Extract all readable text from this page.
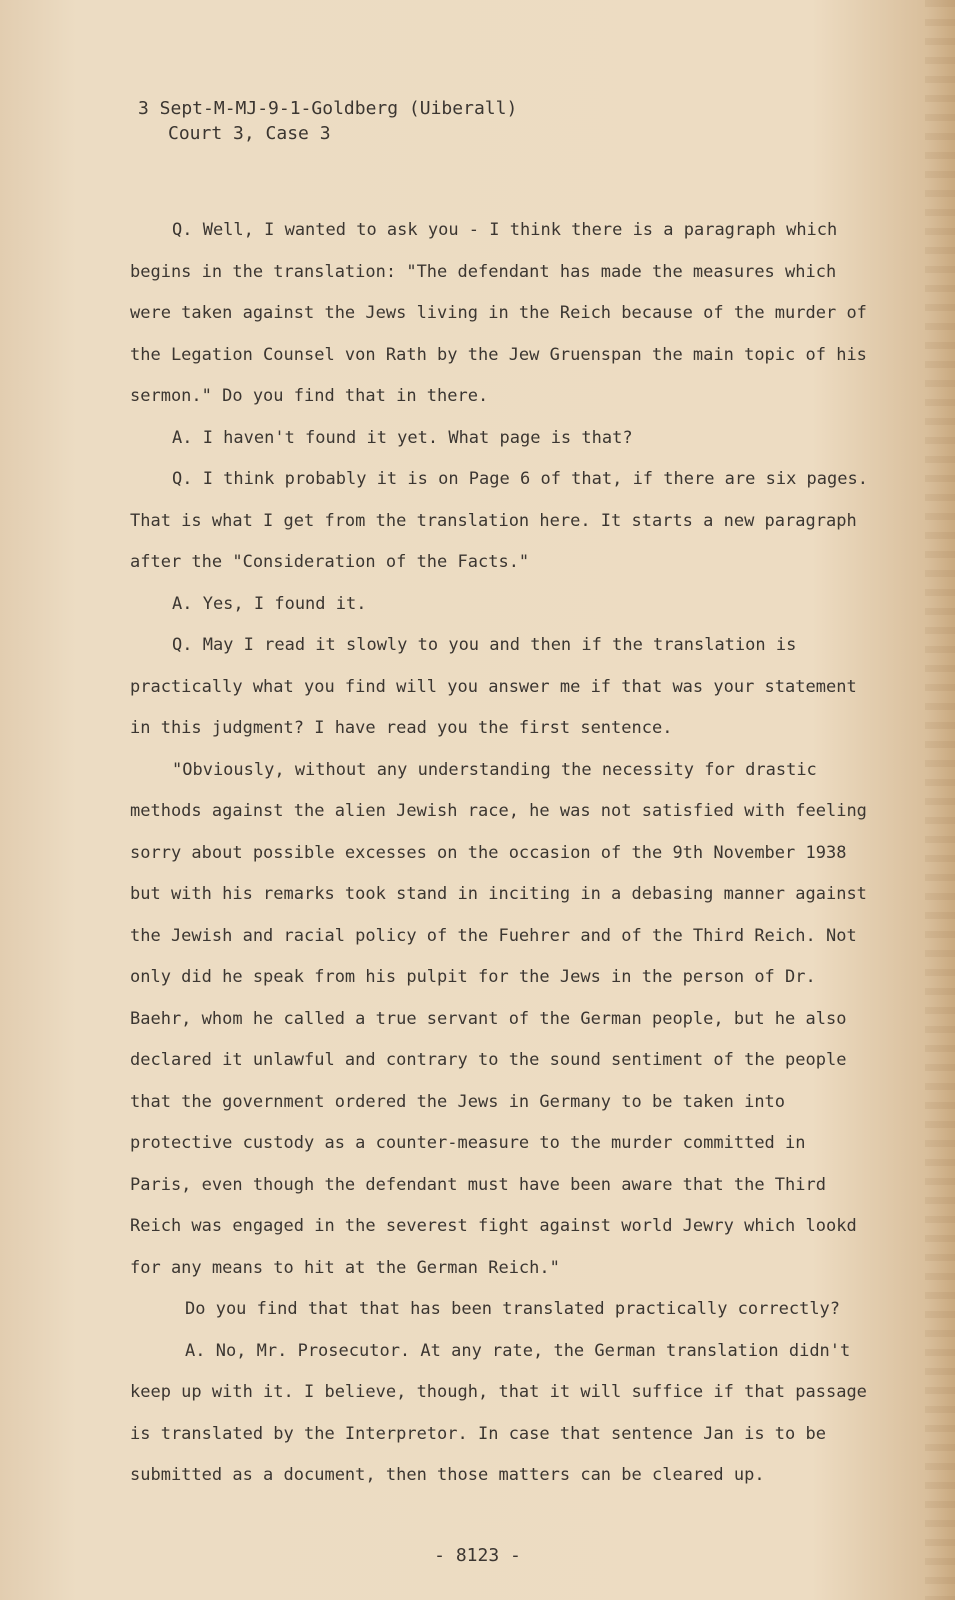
3 Sept-M-MJ-9-1-Goldberg (Uiberall)
Court 3, Case 3

Q. Well, I wanted to ask you - I think there is a paragraph which begins in the translation: "The defendant has made the measures which were taken against the Jews living in the Reich because of the murder of the Legation Counsel von Rath by the Jew Gruenspan the main topic of his sermon." Do you find that in there.

A. I haven't found it yet. What page is that?

Q. I think probably it is on Page 6 of that, if there are six pages. That is what I get from the translation here. It starts a new paragraph after the "Consideration of the Facts."

A. Yes, I found it.

Q. May I read it slowly to you and then if the translation is practically what you find will you answer me if that was your statement in this judgment? I have read you the first sentence.

"Obviously, without any understanding the necessity for drastic methods against the alien Jewish race, he was not satisfied with feeling sorry about possible excesses on the occasion of the 9th November 1938 but with his remarks took stand in inciting in a debasing manner against the Jewish and racial policy of the Fuehrer and of the Third Reich. Not only did he speak from his pulpit for the Jews in the person of Dr. Baehr, whom he called a true servant of the German people, but he also declared it unlawful and contrary to the sound sentiment of the people that the government ordered the Jews in Germany to be taken into protective custody as a counter-measure to the murder committed in Paris, even though the defendant must have been aware that the Third Reich was engaged in the severest fight against world Jewry which lookd for any means to hit at the German Reich."

Do you find that that has been translated practically correctly?

A. No, Mr. Prosecutor. At any rate, the German translation didn't keep up with it. I believe, though, that it will suffice if that passage is translated by the Interpretor. In case that sentence Jan is to be submitted as a document, then those matters can be cleared up.

- 8123 -
